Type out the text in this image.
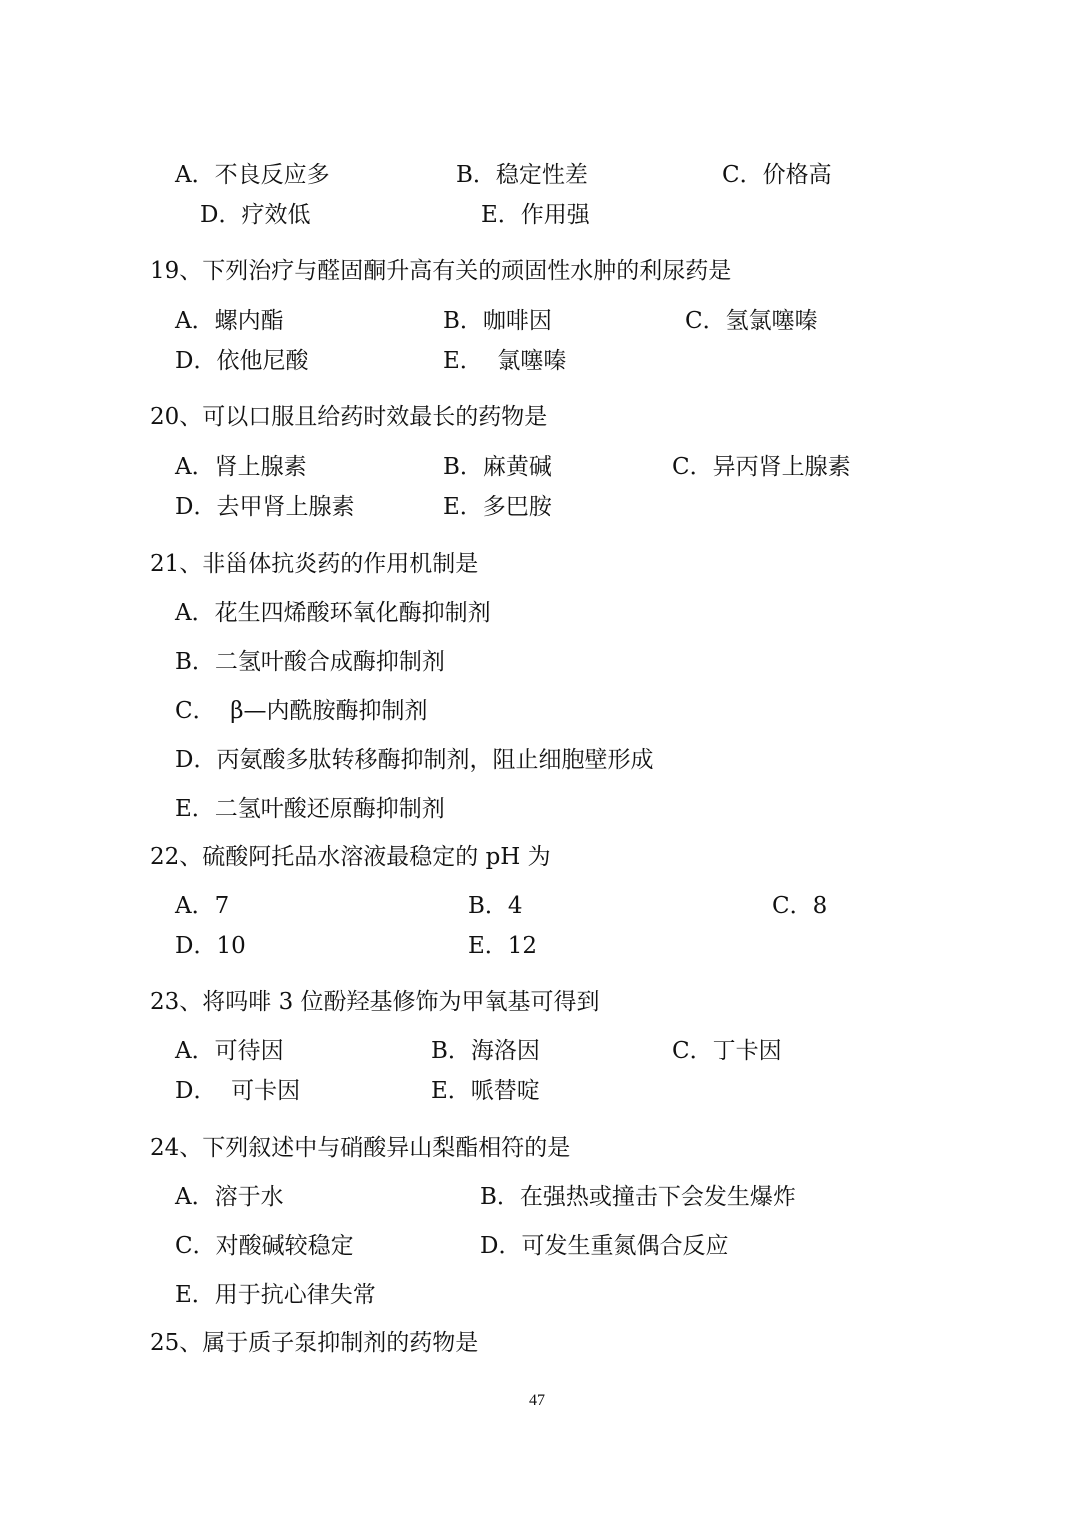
A．不良反应多	B．稳定性差	C．价格高
D．疗效低	E．作用强
19、下列治疗与醛固酮升高有关的顽固性水肿的利尿药是
A．螺内酯	B．咖啡因	C．氢氯噻嗪
D．依他尼酸	E．  氯噻嗪
20、可以口服且给药时效最长的药物是
A．肾上腺素	B．麻黄碱	C．异丙肾上腺素
D．去甲肾上腺素	E．多巴胺
21、非甾体抗炎药的作用机制是
A．花生四烯酸环氧化酶抑制剂
B．二氢叶酸合成酶抑制剂
C．  β—内酰胺酶抑制剂
D．丙氨酸多肽转移酶抑制剂，阻止细胞壁形成
E．二氢叶酸还原酶抑制剂
22、硫酸阿托品水溶液最稳定的 pH 为
A．7	B．4	C．8
D．10	E．12
23、将吗啡 3 位酚羟基修饰为甲氧基可得到
A．可待因	B．海洛因	C．丁卡因
D．  可卡因	E．哌替啶
24、下列叙述中与硝酸异山梨酯相符的是
A．溶于水	B．在强热或撞击下会发生爆炸
C．对酸碱较稳定	D．可发生重氮偶合反应
E．用于抗心律失常
25、属于质子泵抑制剂的药物是
47
